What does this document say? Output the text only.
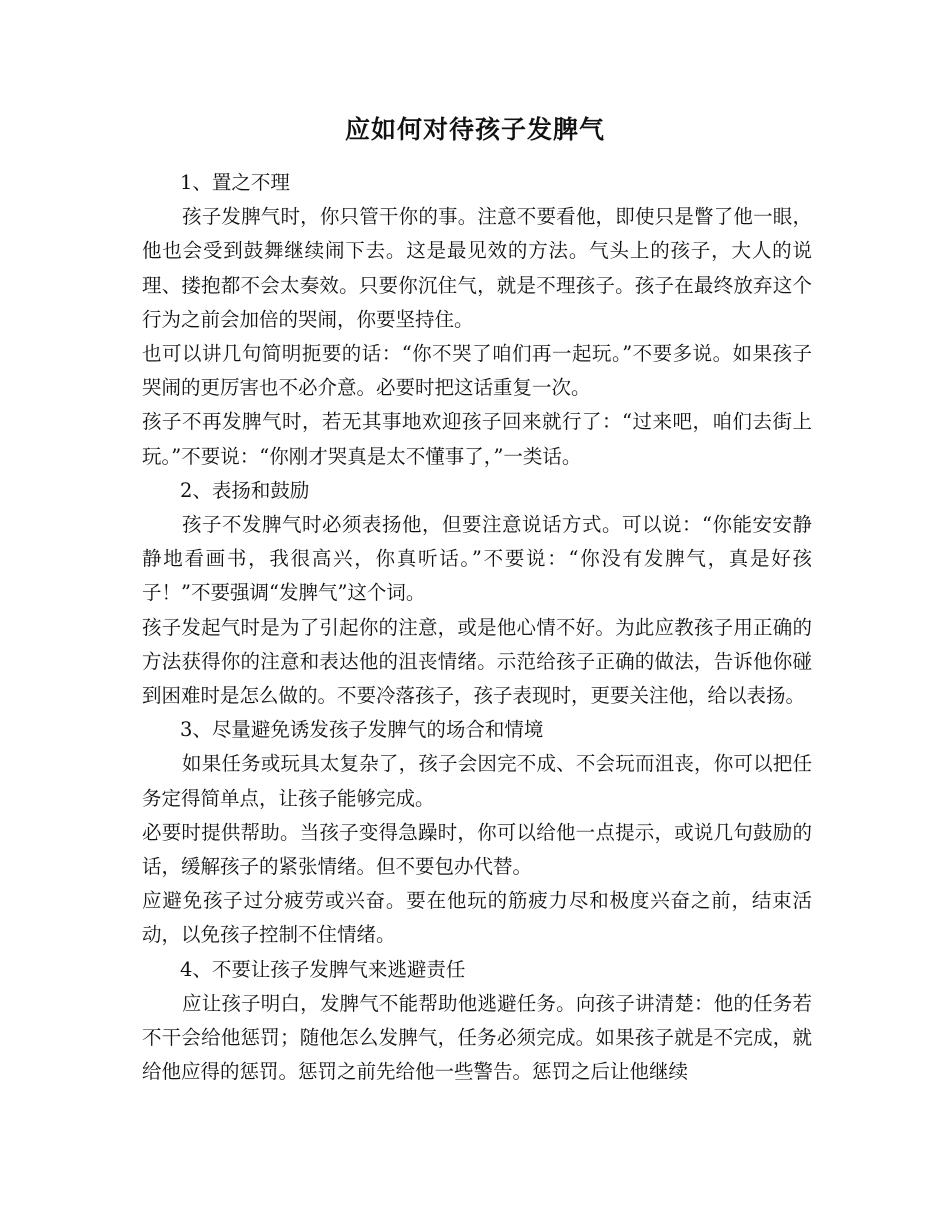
应如何对待孩子发脾气

1、置之不理

孩子发脾气时，你只管干你的事。注意不要看他，即使只是瞥了他一眼，他也会受到鼓舞继续闹下去。这是最见效的方法。气头上的孩子，大人的说理、搂抱都不会太奏效。只要你沉住气，就是不理孩子。孩子在最终放弃这个行为之前会加倍的哭闹，你要坚持住。

也可以讲几句简明扼要的话：“你不哭了咱们再一起玩。”不要多说。如果孩子哭闹的更厉害也不必介意。必要时把这话重复一次。

孩子不再发脾气时，若无其事地欢迎孩子回来就行了：“过来吧，咱们去街上玩。”不要说：“你刚才哭真是太不懂事了，”一类话。

2、表扬和鼓励

孩子不发脾气时必须表扬他，但要注意说话方式。可以说：“你能安安静静地看画书，我很高兴，你真听话。”不要说：“你没有发脾气，真是好孩子！”不要强调“发脾气”这个词。

孩子发起气时是为了引起你的注意，或是他心情不好。为此应教孩子用正确的方法获得你的注意和表达他的沮丧情绪。示范给孩子正确的做法，告诉他你碰到困难时是怎么做的。不要冷落孩子，孩子表现时，更要关注他，给以表扬。

3、尽量避免诱发孩子发脾气的场合和情境

如果任务或玩具太复杂了，孩子会因完不成、不会玩而沮丧，你可以把任务定得简单点，让孩子能够完成。

必要时提供帮助。当孩子变得急躁时，你可以给他一点提示，或说几句鼓励的话，缓解孩子的紧张情绪。但不要包办代替。

应避免孩子过分疲劳或兴奋。要在他玩的筋疲力尽和极度兴奋之前，结束活动，以免孩子控制不住情绪。

4、不要让孩子发脾气来逃避责任

应让孩子明白，发脾气不能帮助他逃避任务。向孩子讲清楚：他的任务若不干会给他惩罚；随他怎么发脾气，任务必须完成。如果孩子就是不完成，就给他应得的惩罚。惩罚之前先给他一些警告。惩罚之后让他继续
